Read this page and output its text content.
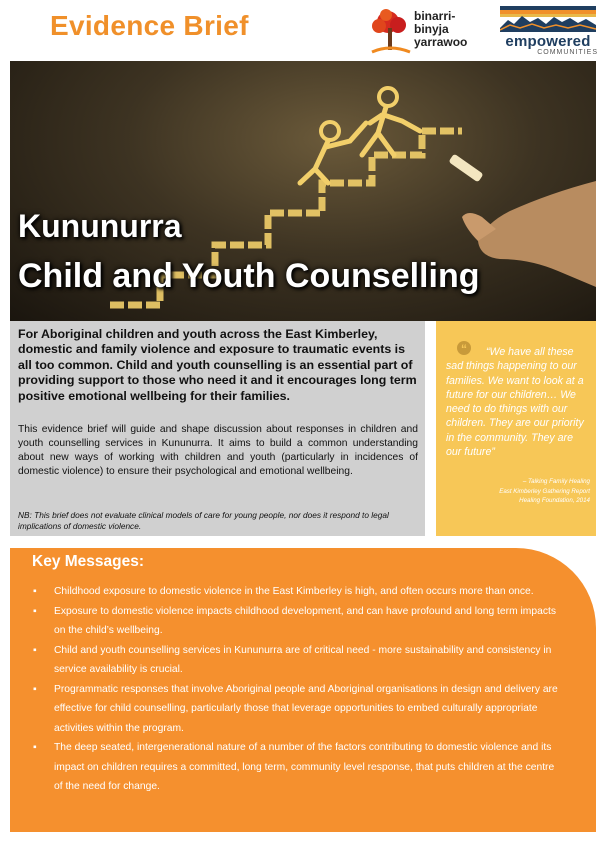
Evidence Brief	binarri-
binyja
yarrawoo	empowered
COMMUNITIES
Kununurra
Child and Youth Counselling
For Aboriginal children and youth across the East Kimberley, domestic and family violence and exposure to traumatic events is all too common. Child and youth counselling is an essential part of providing support to those who need it and it encourages long term positive emotional wellbeing for their families.
This evidence brief will guide and shape discussion about responses in children and youth counselling services in Kununurra. It aims to build a common understanding about new ways of working with children and youth (particularly in incidences of domestic violence) to ensure their psychological and emotional wellbeing.
NB: This brief does not evaluate clinical models of care for young people, nor does it respond to legal implications of domestic violence.
“	“We have all these sad things happening to our families. We want to look at a future for our children… We need to do things with our children. They are our priority in the community. They are our future”
– Talking Family Healing
East Kimberley Gathering Report
Healing Foundation, 2014
Key Messages:
▪ Childhood exposure to domestic violence in the East Kimberley is high, and often occurs more than once.
▪ Exposure to domestic violence impacts childhood development, and can have profound and long term impacts on the child’s wellbeing.
▪ Child and youth counselling services in Kununurra are of critical need - more sustainability and consistency in service availability is crucial.
▪ Programmatic responses that involve Aboriginal people and Aboriginal organisations in design and delivery are effective for child counselling, particularly those that leverage opportunities to embed culturally appropriate activities within the program.
▪ The deep seated, intergenerational nature of a number of the factors contributing to domestic violence and its impact on children requires a committed, long term, community level response, that puts children at the centre of the need for change.
